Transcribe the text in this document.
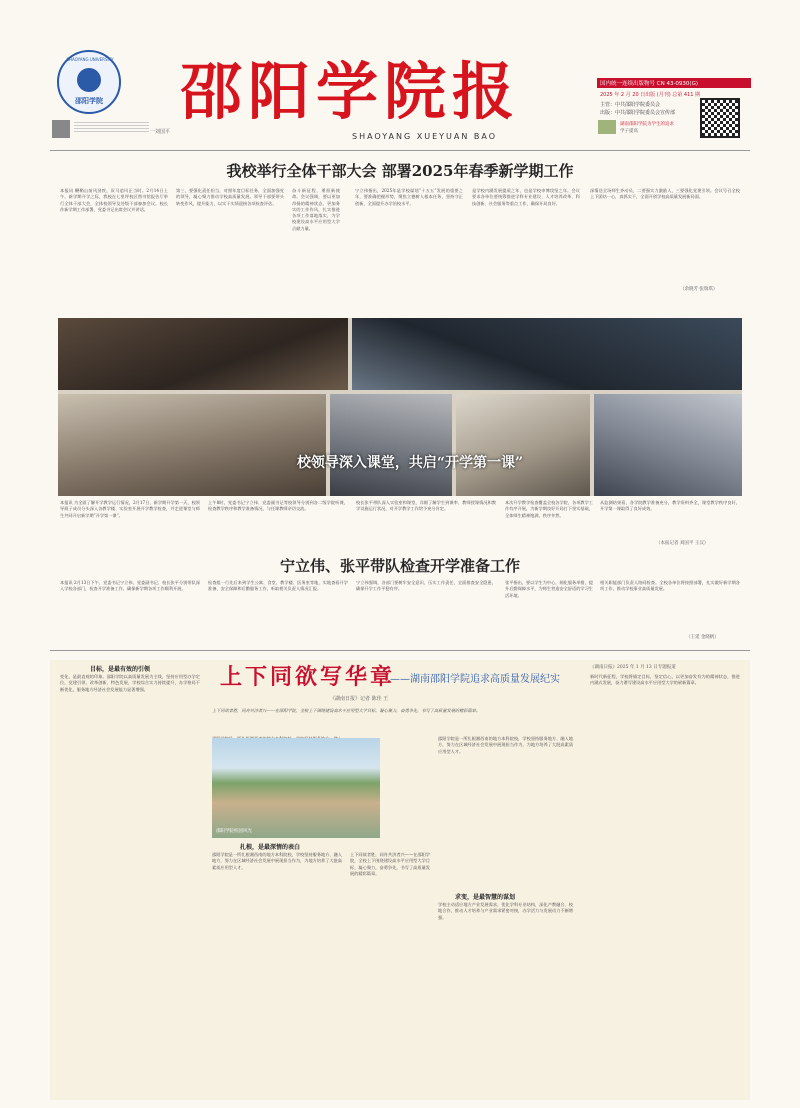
SHAOYANG UNIVERSITY
邵阳学院
一刘国平
邵阳学院报
SHAOYANG XUEYUAN BAO
国内统一连续出版物号 CN 43-0930(G)
2025 年 2 月 20 日出版 (月刊) 总第 411 期
主管：中共邵阳学院委员会
出版：中共邵阳学院委员会宣传部
湖南邵阳学院为学生的追求
学子提高
我校举行全体干部大会 部署2025年春季新学期工作
本报讯 鞭鞘山前风劲疾，驭马追风正当时。2月14日上午，新学期开学之际，我校在七里坪校区图书馆报告厅举行全体干部大会，全体校领导及处级干部参加会议。校长作新学期工作部署，党委书记出席会议并讲话。
第三，要强化责任担当，对照年度目标任务，全面加强党的领导，凝心聚力推动学校高质量发展。领导干部要带头转变作风，提升能力，以实干实绩迎接各项检查评估。
奋斗新征程，勇担新使命。会议强调，要以更加昂扬的精神状态、更加务实的工作作风，扎实推进各项工作落地落实，为学校建设高水平应用型大学贡献力量。
宁立伟指出，2025年是学校谋划“十五五”发展的重要之年，要准确把握形势，聚焦立德树人根本任务，坚持守正创新，全面提升办学治校水平。
是学校内涵发展提质之年，也是学校申博攻坚之年。会议要求各单位要统筹推进学科专业建设、人才培养改革、科技创新、社会服务等重点工作，确保开局良好。
深情送全场师生齐动员，二要强实力激励人，三要强化党建引领。会议号召全校上下团结一心，真抓实干，全面开创学校高质量发展新局面。
（余晓芳 张瑞琪）
校领导深入课堂，共启“开学第一课”
本报讯 为全面了解开学教学运行情况，2月17日，新学期开学第一天，校领导班子成员分头深入各教学楼、实验室开展开学教学检查，并走进课堂与师生共同开启新学期“开学第一课”。
上午8时，党委书记宁立伟、党委副书记等校领导分别到各二级学院听课，检查教学秩序和教学准备情况，与任课教师亲切交流。
校长张平带队深入实验室和课堂，详细了解学生到课率、教师授课情况和教学设施运行状况，对开学教学工作给予充分肯定。
本次开学教学检查覆盖全校各学院，各项教学工作有序开展，为新学期良好开局打下坚实基础，全体师生精神饱满、秩序井然。
从监测结果看，各学院教学准备充分，教学资料齐全，课堂教学秩序良好，开学第一课取得了良好成效。
（本报记者 刘国平 王汉）
宁立伟、张平带队检查开学准备工作
本报讯 2月13日下午，党委书记宁立伟，党委副书记、校长张平分别带队深入学校各部门，检查开学准备工作，确保新学期各项工作顺利开展。
检查组一行先后来到学生公寓、食堂、教学楼、医务室等地，实地查看开学准备、安全保障和后勤服务工作，听取相关负责人情况汇报。
宁立伟强调，各部门要树牢安全意识，压实工作责任，全面排查安全隐患，确保开学工作平稳有序。
张平指出，要以学生为中心，细化服务举措，提升后勤保障水平，为师生营造安全舒适的学习生活环境。
相关职能部门负责人陪同检查。全校各单位将按照部署，扎实做好新学期各项工作，推动学校事业高质量发展。
（王延 金晓帆）
目标，是最有效的引领
变化，是最直观的印象。邵阳学院以高质量发展为主线，坚持应用型办学定位，党建引领、改革创新、特色发展，学校综合实力持续提升，办学格局不断优化，服务地方经济社会发展能力显著增强。	上下同欲写华章
——湖南邵阳学院追求高质量发展纪实
《湖南日报》记者 陈佳 王
上下同欲者胜，同舟共济者兴——在邵阳学院，全校上下围绕建设高水平应用型大学目标，凝心聚力，奋勇争先，书写了高质量发展的精彩篇章。
扎根，是最深情的表白
邵阳学院是一所扎根湘西南的地方本科院校，学校坚持服务地方、融入地方，努力在区域经济社会发展中展现担当作为，为地方培养了大批高素质应用型人才。
邵阳学院校园风光
上下同欲者胜，同舟共济者兴——在邵阳学院，全校上下围绕建设高水平应用型大学目标，凝心聚力，奋勇争先，书写了高质量发展的精彩篇章。
邵阳学院是一所扎根湘西南的地方本科院校，学校坚持服务地方、融入地方，努力在区域经济社会发展中展现担当作为，为地方培养了大批高素质应用型人才。
求变，是最智慧的谋划
学校主动适应地方产业发展需求，优化学科专业结构，深化产教融合、校地合作，推动人才培养与产业需求紧密对接，办学活力与发展动力不断增强。
《湖南日报》2025 年 1 月 13 日专题报道
新时代新征程，学校将锚定目标，坚定信心，以更加奋发有为的精神状态，推进内涵式发展，奋力谱写建设高水平应用型大学的崭新篇章。
